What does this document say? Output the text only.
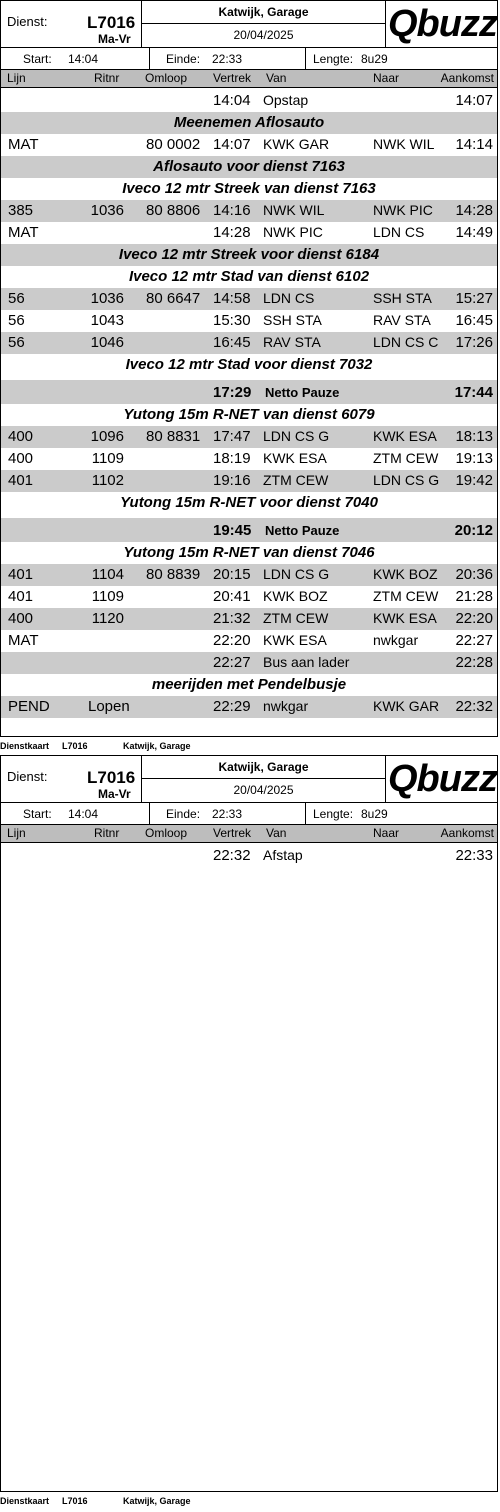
Dienst: L7016
Ma-Vr
Katwijk, Garage
20/04/2025	Qbuzz
Start: 14:04	Einde: 22:33	Lengte: 8u29
Lijn	Ritnr Omloop Vertrek Van	Naar	Aankomst
14:04 Opstap	14:07
Meenemen Aflosauto
MAT	80 0002 14:07 KWK GAR	NWK WIL 14:14
Aflosauto voor dienst 7163
Iveco 12 mtr Streek van dienst 7163
385	1036 80 8806 14:16 NWK WIL	NWK PIC 14:28
MAT	14:28 NWK PIC	LDN CS 14:49
Iveco 12 mtr Streek voor dienst 6184
Iveco 12 mtr Stad van dienst 6102
56	1036 80 6647 14:58 LDN CS	SSH STA 15:27
56	1043	15:30 SSH STA	RAV STA 16:45
56	1046	16:45 RAV STA	LDN CS C 17:26
Iveco 12 mtr Stad voor dienst 7032
17:29 Netto Pauze	17:44
Yutong 15m R-NET van dienst 6079
400	1096 80 8831 17:47 LDN CS G	KWK ESA 18:13
400	1109	18:19 KWK ESA	ZTM CEW 19:13
401	1102	19:16 ZTM CEW	LDN CS G 19:42
Yutong 15m R-NET voor dienst 7040
19:45 Netto Pauze	20:12
Yutong 15m R-NET van dienst 7046
401	1104 80 8839 20:15 LDN CS G	KWK BOZ 20:36
401	1109	20:41 KWK BOZ	ZTM CEW 21:28
400	1120	21:32 ZTM CEW	KWK ESA 22:20
MAT	22:20 KWK ESA	nwkgar 22:27
22:27 Bus aan lader	22:28
meerijden met Pendelbusje
PEND	Lopen	22:29 nwkgar	KWK GAR 22:32
Dienstkaart L7016	Katwijk, Garage
Dienst: L7016
Ma-Vr
Katwijk, Garage
20/04/2025	Qbuzz
Start: 14:04	Einde: 22:33	Lengte: 8u29
Lijn	Ritnr Omloop Vertrek Van	Naar	Aankomst
22:32 Afstap	22:33
Dienstkaart L7016	Katwijk, Garage
